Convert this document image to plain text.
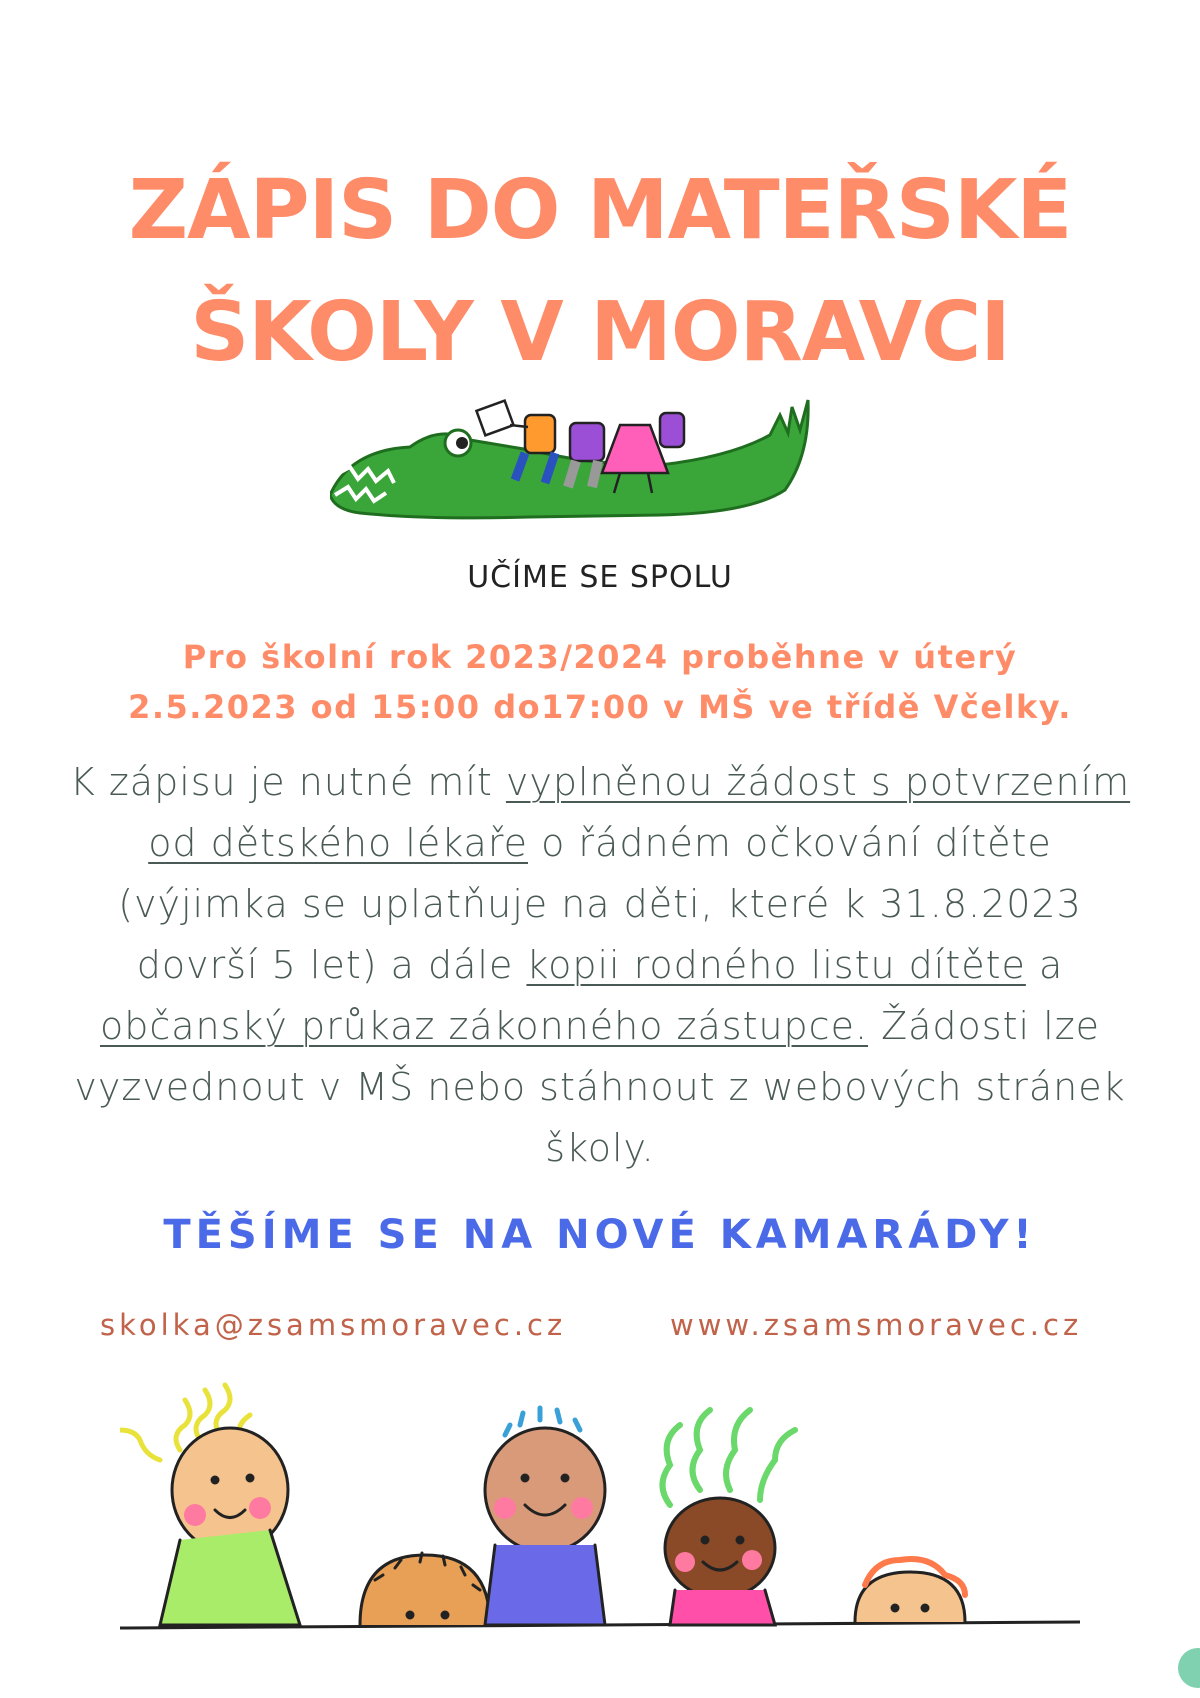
ZÁPIS DO MATEŘSKÉ
ŠKOLY V MORAVCI
UČÍME SE SPOLU
Pro školní rok 2023/2024 proběhne v úterý
2.5.2023 od 15:00 do17:00 v MŠ ve třídě Včelky.
K zápisu je nutné mít vyplněnou žádost s potvrzením od dětského lékaře o řádném očkování dítěte (výjimka se uplatňuje na děti, které k 31.8.2023 dovrší 5 let) a dále kopii rodného listu dítěte a občanský průkaz zákonného zástupce. Žádosti lze vyzvednout v MŠ nebo stáhnout z webových stránek školy.
TĚŠÍME SE NA NOVÉ KAMARÁDY!
skolka@zsamsmoravec.cz	www.zsamsmoravec.cz
